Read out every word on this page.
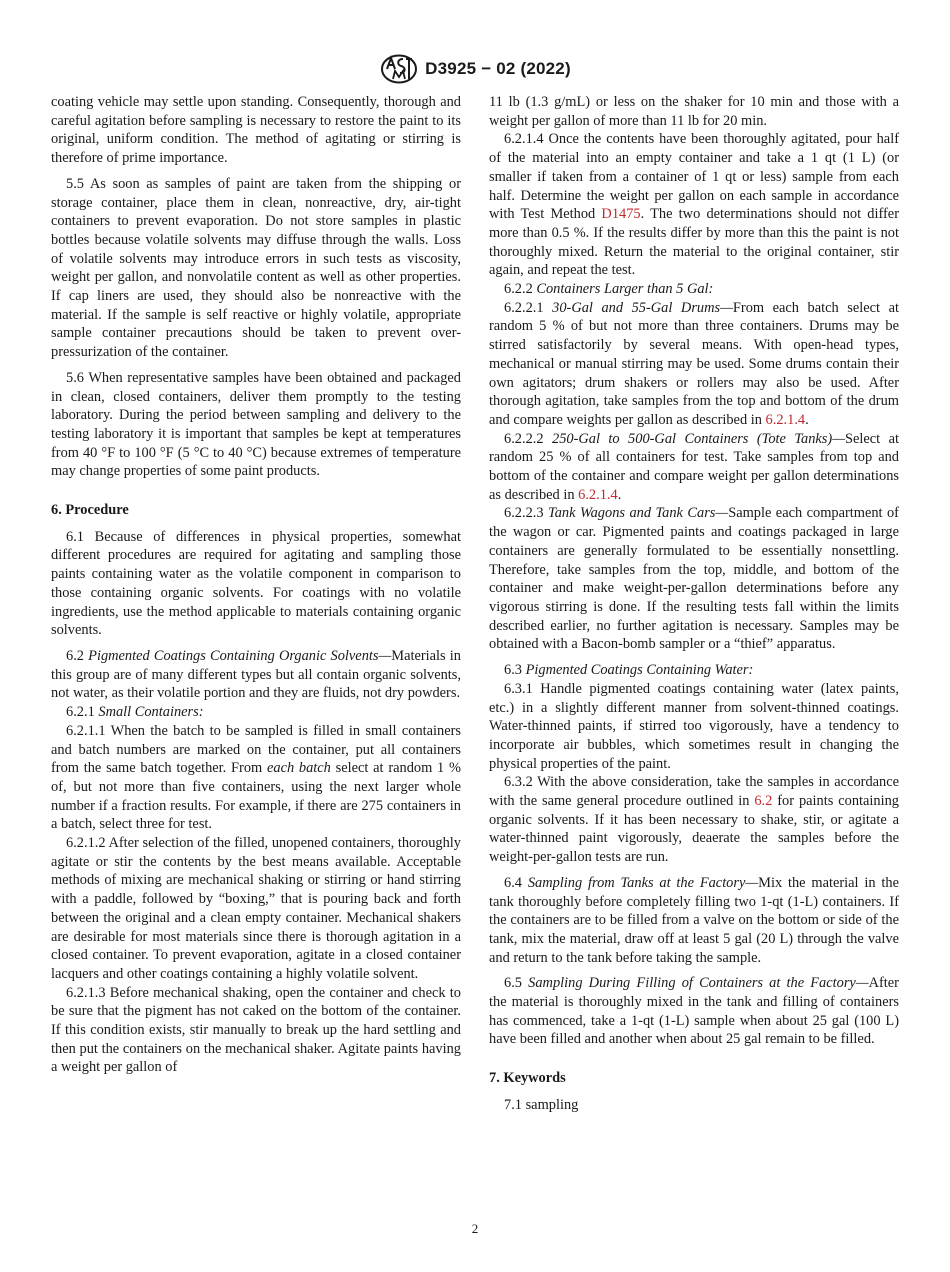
D3925 − 02 (2022)

coating vehicle may settle upon standing. Consequently, thorough and careful agitation before sampling is necessary to restore the paint to its original, uniform condition. The method of agitating or stirring is therefore of prime importance.

5.5 As soon as samples of paint are taken from the shipping or storage container, place them in clean, nonreactive, dry, air-tight containers to prevent evaporation. Do not store samples in plastic bottles because volatile solvents may diffuse through the walls. Loss of volatile solvents may introduce errors in such tests as viscosity, weight per gallon, and nonvolatile content as well as other properties. If cap liners are used, they should also be nonreactive with the material. If the sample is self reactive or highly volatile, appropriate sample container precautions should be taken to prevent over-pressurization of the container.

5.6 When representative samples have been obtained and packaged in clean, closed containers, deliver them promptly to the testing laboratory. During the period between sampling and delivery to the testing laboratory it is important that samples be kept at temperatures from 40 °F to 100 °F (5 °C to 40 °C) because extremes of temperature may change properties of some paint products.

6. Procedure

6.1 Because of differences in physical properties, somewhat different procedures are required for agitating and sampling those paints containing water as the volatile component in comparison to those containing organic solvents. For coatings with no volatile ingredients, use the method applicable to materials containing organic solvents.

6.2 Pigmented Coatings Containing Organic Solvents—Materials in this group are of many different types but all contain organic solvents, not water, as their volatile portion and they are fluids, not dry powders.

6.2.1 Small Containers:

6.2.1.1 When the batch to be sampled is filled in small containers and batch numbers are marked on the container, put all containers from the same batch together. From each batch select at random 1 % of, but not more than five containers, using the next larger whole number if a fraction results. For example, if there are 275 containers in a batch, select three for test.

6.2.1.2 After selection of the filled, unopened containers, thoroughly agitate or stir the contents by the best means available. Acceptable methods of mixing are mechanical shaking or stirring or hand stirring with a paddle, followed by “boxing,” that is pouring back and forth between the original and a clean empty container. Mechanical shakers are desirable for most materials since there is thorough agitation in a closed container. To prevent evaporation, agitate in a closed container lacquers and other coatings containing a highly volatile solvent.

6.2.1.3 Before mechanical shaking, open the container and check to be sure that the pigment has not caked on the bottom of the container. If this condition exists, stir manually to break up the hard settling and then put the containers on the mechanical shaker. Agitate paints having a weight per gallon of

11 lb (1.3 g/mL) or less on the shaker for 10 min and those with a weight per gallon of more than 11 lb for 20 min.

6.2.1.4 Once the contents have been thoroughly agitated, pour half of the material into an empty container and take a 1 qt (1 L) (or smaller if taken from a container of 1 qt or less) sample from each half. Determine the weight per gallon on each sample in accordance with Test Method D1475. The two determinations should not differ more than 0.5 %. If the results differ by more than this the paint is not thoroughly mixed. Return the material to the original container, stir again, and repeat the test.

6.2.2 Containers Larger than 5 Gal:

6.2.2.1 30-Gal and 55-Gal Drums—From each batch select at random 5 % of but not more than three containers. Drums may be stirred satisfactorily by several means. With open-head types, mechanical or manual stirring may be used. Some drums contain their own agitators; drum shakers or rollers may also be used. After thorough agitation, take samples from the top and bottom of the drum and compare weights per gallon as described in 6.2.1.4.

6.2.2.2 250-Gal to 500-Gal Containers (Tote Tanks)—Select at random 25 % of all containers for test. Take samples from top and bottom of the container and compare weight per gallon determinations as described in 6.2.1.4.

6.2.2.3 Tank Wagons and Tank Cars—Sample each compartment of the wagon or car. Pigmented paints and coatings packaged in large containers are generally formulated to be essentially nonsettling. Therefore, take samples from the top, middle, and bottom of the container and make weight-per-gallon determinations before any vigorous stirring is done. If the resulting tests fall within the limits described earlier, no further agitation is necessary. Samples may be obtained with a Bacon-bomb sampler or a “thief” apparatus.

6.3 Pigmented Coatings Containing Water:

6.3.1 Handle pigmented coatings containing water (latex paints, etc.) in a slightly different manner from solvent-thinned coatings. Water-thinned paints, if stirred too vigorously, have a tendency to incorporate air bubbles, which sometimes result in changing the physical properties of the paint.

6.3.2 With the above consideration, take the samples in accordance with the same general procedure outlined in 6.2 for paints containing organic solvents. If it has been necessary to shake, stir, or agitate a water-thinned paint vigorously, deaerate the samples before the weight-per-gallon tests are run.

6.4 Sampling from Tanks at the Factory—Mix the material in the tank thoroughly before completely filling two 1-qt (1-L) containers. If the containers are to be filled from a valve on the bottom or side of the tank, mix the material, draw off at least 5 gal (20 L) through the valve and return to the tank before taking the sample.

6.5 Sampling During Filling of Containers at the Factory—After the material is thoroughly mixed in the tank and filling of containers has commenced, take a 1-qt (1-L) sample when about 25 gal (100 L) have been filled and another when about 25 gal remain to be filled.

7. Keywords

7.1 sampling

2
